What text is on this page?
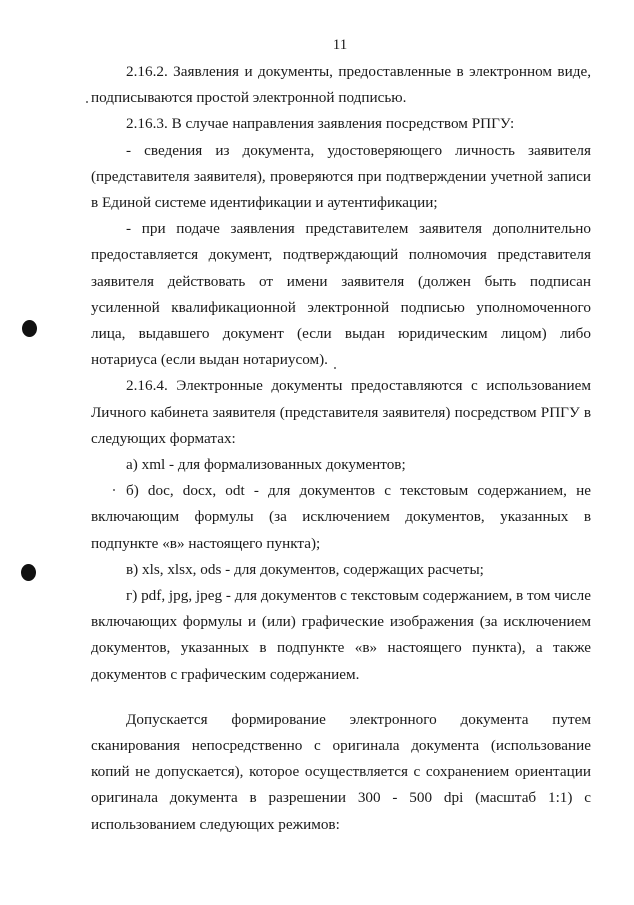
11

2.16.2. Заявления и документы, предоставленные в электронном виде, подписываются простой электронной подписью.

2.16.3. В случае направления заявления посредством РПГУ:

- сведения из документа, удостоверяющего личность заявителя (представителя заявителя), проверяются при подтверждении учетной записи в Единой системе идентификации и аутентификации;

- при подаче заявления представителем заявителя дополнительно предоставляется документ, подтверждающий полномочия представителя заявителя действовать от имени заявителя (должен быть подписан усиленной квалификационной электронной подписью уполномоченного лица, выдавшего документ (если выдан юридическим лицом) либо нотариуса (если выдан нотариусом).

2.16.4. Электронные документы предоставляются с использованием Личного кабинета заявителя (представителя заявителя) посредством РПГУ в следующих форматах:

а) xml - для формализованных документов;

б) doc, docx, odt - для документов с текстовым содержанием, не включающим формулы (за исключением документов, указанных в подпункте «в» настоящего пункта);

в) xls, xlsx, ods - для документов, содержащих расчеты;

г) pdf, jpg, jpeg - для документов с текстовым содержанием, в том числе включающих формулы и (или) графические изображения (за исключением документов, указанных в подпункте «в» настоящего пункта), а также документов с графическим содержанием.

Допускается формирование электронного документа путем

сканирования непосредственно с оригинала документа (использование копий не допускается), которое осуществляется с сохранением ориентации оригинала документа в разрешении 300 - 500 dpi (масштаб 1:1) с использованием следующих режимов:
